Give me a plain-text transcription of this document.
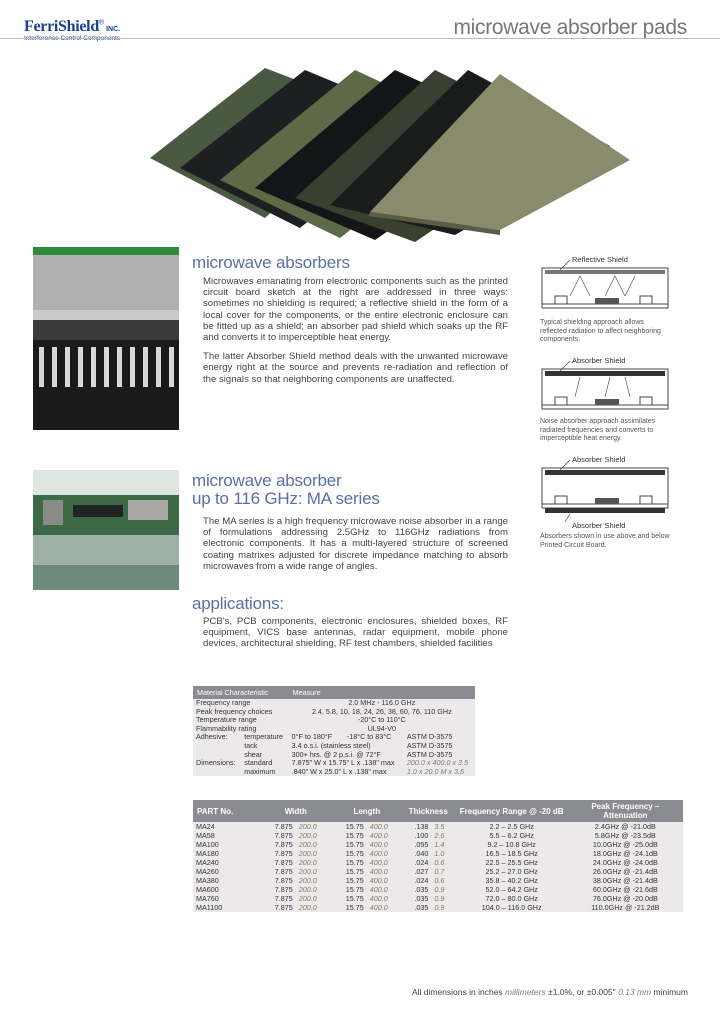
FerriShield®INC.
Interference Control Components	microwave absorber pads
microwave absorbers

Microwaves emanating from electronic components such as the printed circuit board sketch at the right are addressed in three ways: sometimes no shielding is required; a reflective shield in the form of a local cover for the components, or the entire electronic enclosure can be fitted up as a shield; an absorber pad shield which soaks up the RF and converts it to imperceptible heat energy.

The latter Absorber Shield method deals with the unwanted microwave energy right at the source and prevents re-radiation and reflection of the signals so that neighboring components are unaffected.

Reflective Shield
Typical shielding approach allows reflected radiation to affect neighboring components.
Absorber Shield
Noise absorber approach assimilates radiated frequencies and converts to imperceptible heat energy.
Absorber Shield
Absorber Shield
Absorbers shown in use above and below Printed Circuit Board.
microwave absorber
up to 116 GHz: MA series

The MA series is a high frequency microwave noise absorber in a range of formulations addressing 2.5GHz to 116GHz radiations from electronic components. It has a multi-layered structure of screened coating matrixes adjusted for discrete impedance matching to absorb microwaves from a wide range of angles.

applications:

PCB's, PCB components, electronic enclosures, shielded boxes, RF equipment, VICS base antennas, radar equipment, mobile phone devices, architectural shielding, RF test chambers, shielded facilities

Material Characteristic		Measure		
Frequency range		2.0 MHz - 116.0 GHz		
Peak frequency choices		2.4, 5.8, 10, 18, 24, 26, 38, 60, 76, 110 GHz		
Temperature range		-20°C to 110°C		
Flammability rating		UL94-V0		
Adhesive:	temperature	0°F to 180°F	-18°C to 83°C	ASTM D-3575
	tack	3.4 o.s.i. (stainless steel)		ASTM D-3575
	shear	300+ hrs. @ 2 p.s.i. @ 72°F		ASTM D-3575
Dimensions:	standard	7.875" W x 15.75" L x .138" max		200.0 x 400.0 x 3.5
	maximum	.840" W x 25.0" L x .138" max		1.0 x 20.0 M x 3.5
PART No.	Width		Length		Thickness		Frequency Range @ -20 dB	Peak Frequency – Attenuation
MA24	7.875	200.0	15.75	400.0	.138	3.5	2.2 – 2.5 GHz	2.4GHz @ -21.0dB
MA58	7.875	200.0	15.75	400.0	.100	2.6	5.5 – 6.2 GHz	5.8GHz @ -23.5dB
MA100	7.875	200.0	15.75	400.0	.055	1.4	9.2 – 10.8 GHz	10.0GHz @ -25.0dB
MA180	7.875	200.0	15.75	400.0	.040	1.0	16.5 – 18.5 GHz	18.0GHz @ -24.1dB
MA240	7.875	200.0	15.75	400.0	.024	0.6	22.5 – 25.5 GHz	24.0GHz @ -24.0dB
MA260	7.875	200.0	15.75	400.0	.027	0.7	25.2 – 27.0 GHz	26.0GHz @ -21.4dB
MA380	7.875	200.0	15.75	400.0	.024	0.6	35.8 – 40.2 GHz	38.0GHz @ -21.4dB
MA600	7.875	200.0	15.75	400.0	.035	0.9	52.0 – 64.2 GHz	60.0GHz @ -21.6dB
MA760	7.875	200.0	15.75	400.0	.035	0.9	72.0 – 80.0 GHz	76.0GHz @ -20.0dB
MA1100	7.875	200.0	15.75	400.0	.035	0.9	104.0 – 116.0 GHz	110.0GHz @ -21.2dB
All dimensions in inches millimeters ±1.0%, or ±0.005" 0.13 mm minimum
